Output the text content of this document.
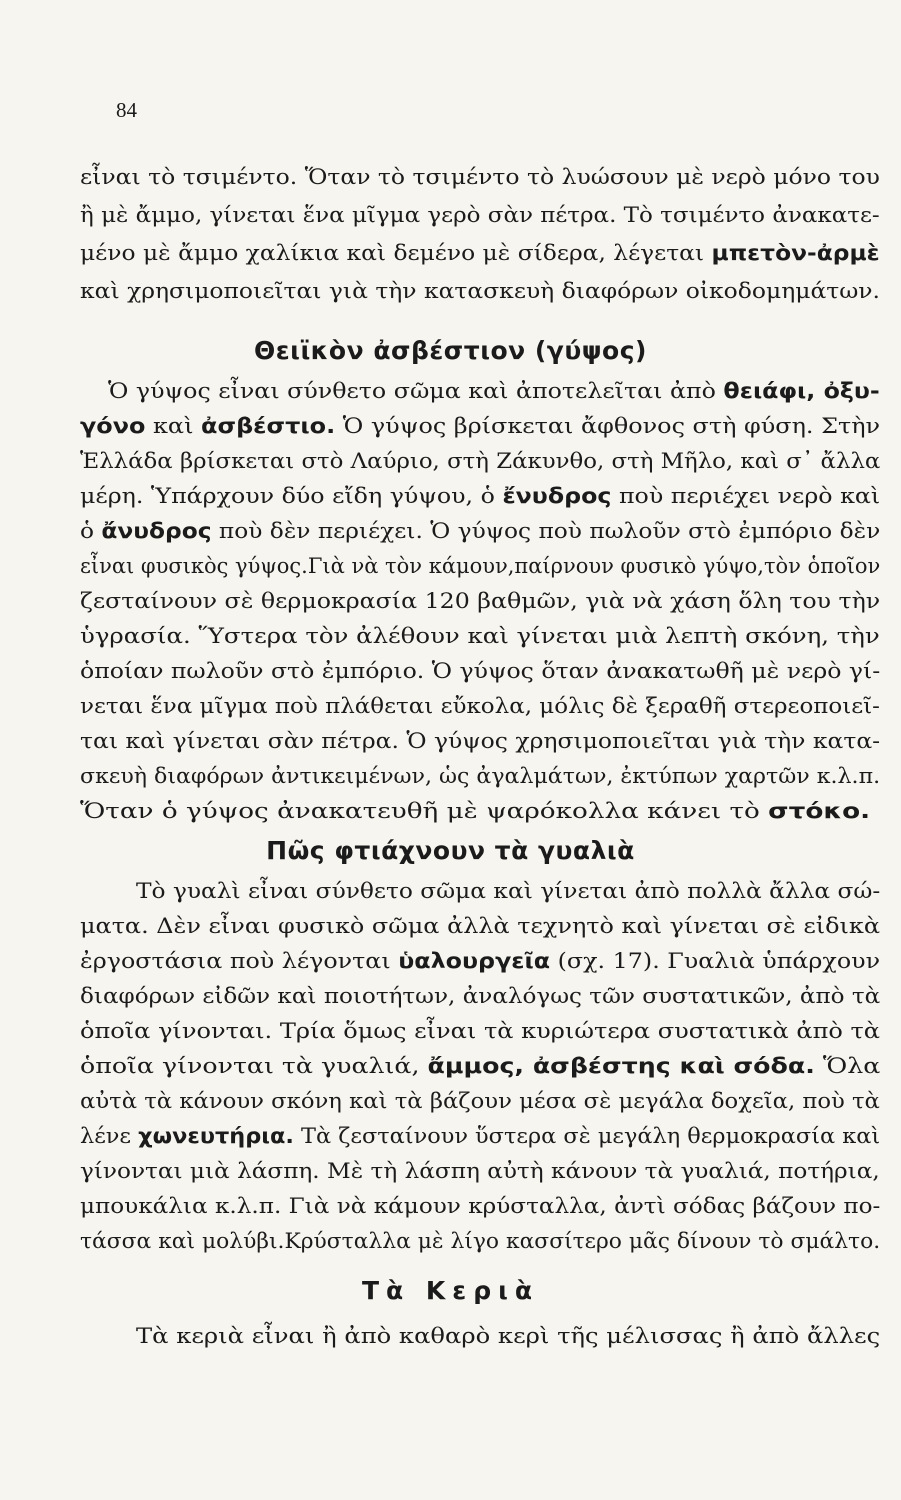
84
εἶναι τὸ τσιμέντο. Ὅταν τὸ τσιμέντο τὸ λυώσουν μὲ νερὸ μόνο του
ἢ μὲ ἄμμο, γίνεται ἕνα μῖγμα γερὸ σὰν πέτρα. Τὸ τσιμέντο ἀνακατε-
μένο μὲ ἄμμο χαλίκια καὶ δεμένο μὲ σίδερα, λέγεται μπετὸν-ἀρμὲ
καὶ χρησιμοποιεῖται γιὰ τὴν κατασκευὴ διαφόρων οἰκοδομημάτων.
Θειϊκὸν ἀσβέστιον (γύψος)
Ὁ γύψος εἶναι σύνθετο σῶμα καὶ ἀποτελεῖται ἀπὸ θειάφι, ὀξυ-
γόνο καὶ ἀσβέστιο. Ὁ γύψος βρίσκεται ἄφθονος στὴ φύση. Στὴν
Ἑλλάδα βρίσκεται στὸ Λαύριο, στὴ Ζάκυνθο, στὴ Μῆλο, καὶ σ᾿ ἄλλα
μέρη. Ὑπάρχουν δύο εἴδη γύψου, ὁ ἔνυδρος ποὺ περιέχει νερὸ καὶ
ὁ ἄνυδρος ποὺ δὲν περιέχει. Ὁ γύψος ποὺ πωλοῦν στὸ ἐμπόριο δὲν
εἶναι φυσικὸς γύψος.Γιὰ νὰ τὸν κάμουν,παίρνουν φυσικὸ γύψο,τὸν ὁποῖον
ζεσταίνουν σὲ θερμοκρασία 120 βαθμῶν, γιὰ νὰ χάση ὅλη του τὴν
ὑγρασία. Ὕστερα τὸν ἀλέθουν καὶ γίνεται μιὰ λεπτὴ σκόνη, τὴν
ὁποίαν πωλοῦν στὸ ἐμπόριο. Ὁ γύψος ὅταν ἀνακατωθῆ μὲ νερὸ γί-
νεται ἕνα μῖγμα ποὺ πλάθεται εὔκολα, μόλις δὲ ξεραθῆ στερεοποιεῖ-
ται καὶ γίνεται σὰν πέτρα. Ὁ γύψος χρησιμοποιεῖται γιὰ τὴν κατα-
σκευὴ διαφόρων ἀντικειμένων, ὡς ἀγαλμάτων, ἐκτύπων χαρτῶν κ.λ.π.
Ὅταν ὁ γύψος ἀνακατευθῆ μὲ ψαρόκολλα κάνει τὸ στόκο.
Πῶς φτιάχνουν τὰ γυαλιὰ
Τὸ γυαλὶ εἶναι σύνθετο σῶμα καὶ γίνεται ἀπὸ πολλὰ ἄλλα σώ-
ματα. Δὲν εἶναι φυσικὸ σῶμα ἀλλὰ τεχνητὸ καὶ γίνεται σὲ εἰδικὰ
ἐργοστάσια ποὺ λέγονται ὑαλουργεῖα (σχ. 17). Γυαλιὰ ὑπάρχουν
διαφόρων εἰδῶν καὶ ποιοτήτων, ἀναλόγως τῶν συστατικῶν, ἀπὸ τὰ
ὁποῖα γίνονται. Τρία ὅμως εἶναι τὰ κυριώτερα συστατικὰ ἀπὸ τὰ
ὁποῖα γίνονται τὰ γυαλιά, ἄμμος, ἀσβέστης καὶ σόδα. Ὅλα
αὐτὰ τὰ κάνουν σκόνη καὶ τὰ βάζουν μέσα σὲ μεγάλα δοχεῖα, ποὺ τὰ
λένε χωνευτήρια. Τὰ ζεσταίνουν ὕστερα σὲ μεγάλη θερμοκρασία καὶ
γίνονται μιὰ λάσπη. Μὲ τὴ λάσπη αὐτὴ κάνουν τὰ γυαλιά, ποτήρια,
μπουκάλια κ.λ.π. Γιὰ νὰ κάμουν κρύσταλλα, ἀντὶ σόδας βάζουν πο-
τάσσα καὶ μολύβι.Κρύσταλλα μὲ λίγο κασσίτερο μᾶς δίνουν τὸ σμάλτο.
Τὰ Κεριὰ
Τὰ κεριὰ εἶναι ἢ ἀπὸ καθαρὸ κερὶ τῆς μέλισσας ἢ ἀπὸ ἄλλες
